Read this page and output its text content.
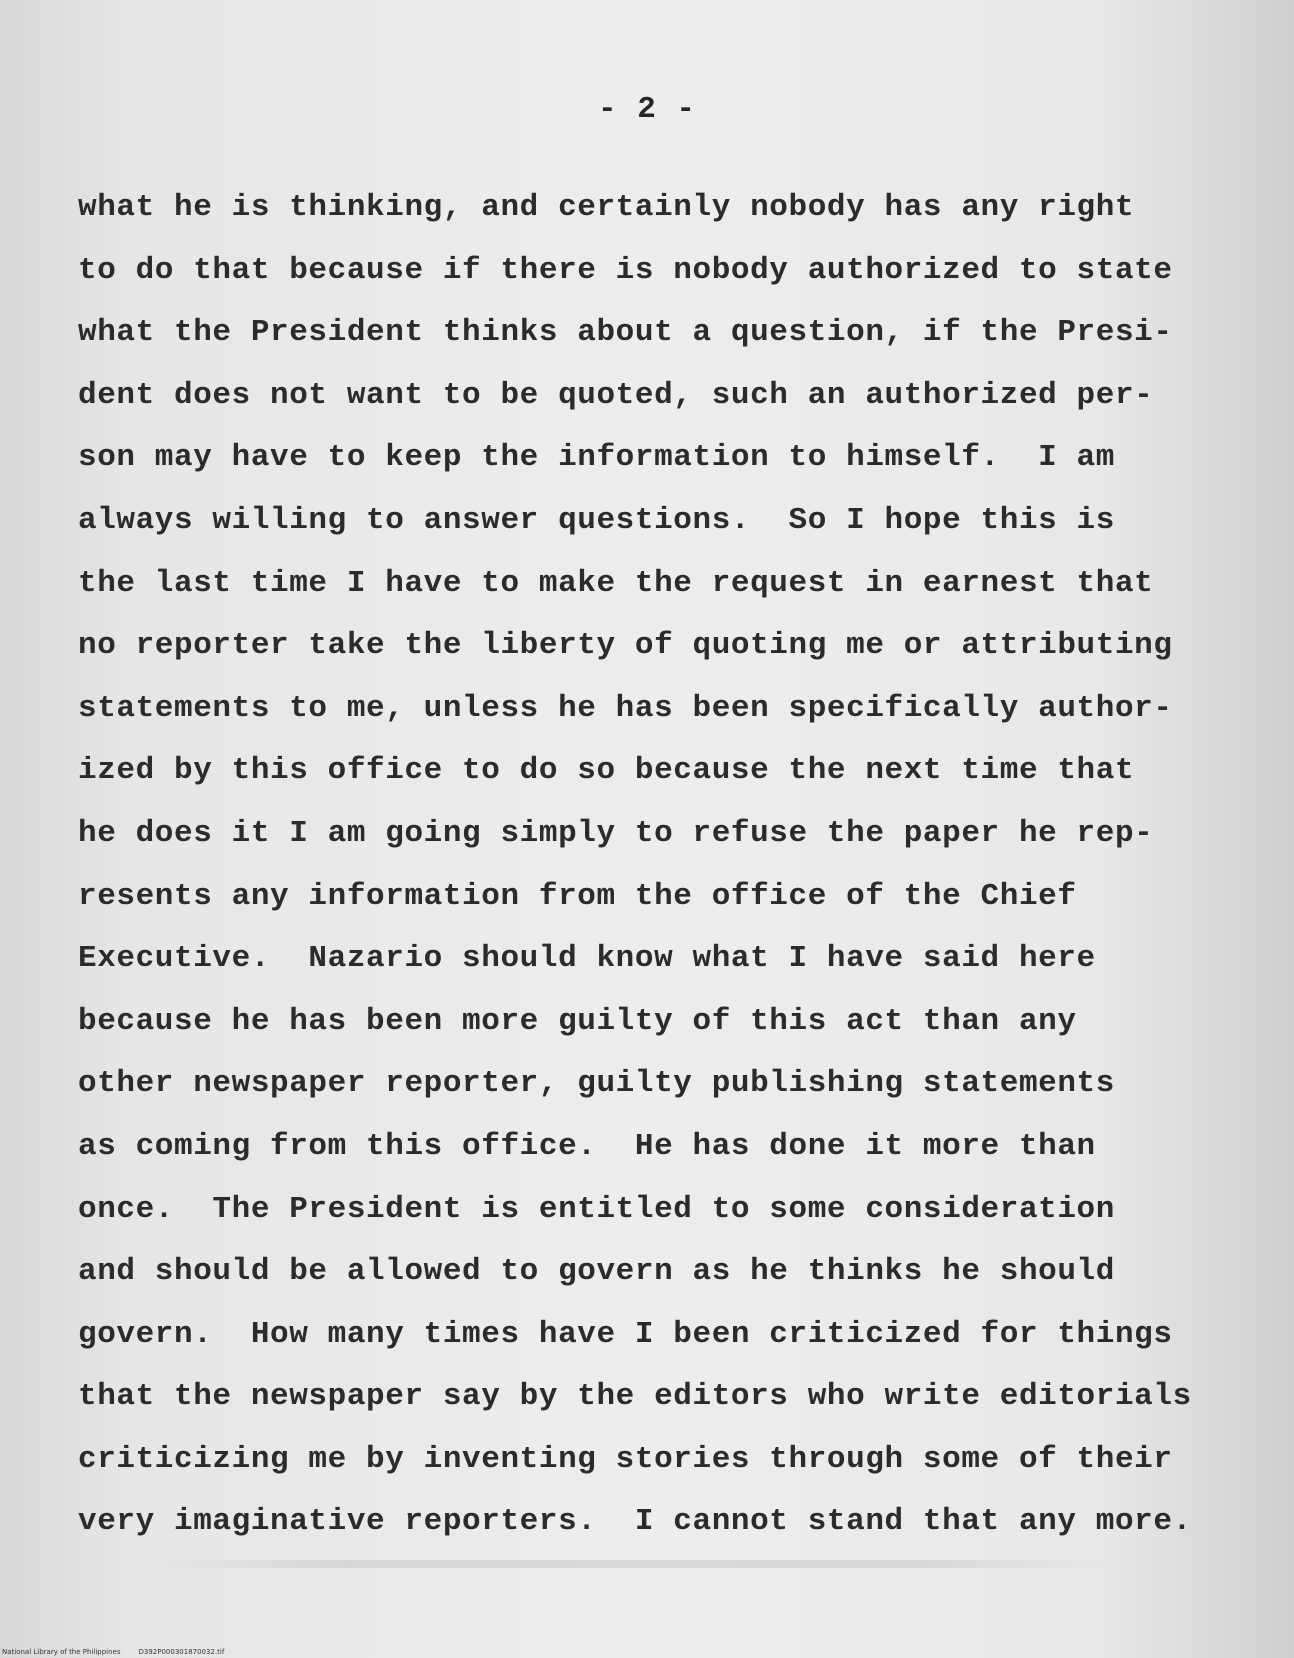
- 2 -
what he is thinking, and certainly nobody has any right
to do that because if there is nobody authorized to state
what the President thinks about a question, if the Presi-
dent does not want to be quoted, such an authorized per-
son may have to keep the information to himself.  I am
always willing to answer questions.  So I hope this is
the last time I have to make the request in earnest that
no reporter take the liberty of quoting me or attributing
statements to me, unless he has been specifically author-
ized by this office to do so because the next time that
he does it I am going simply to refuse the paper he rep-
resents any information from the office of the Chief
Executive.  Nazario should know what I have said here
because he has been more guilty of this act than any
other newspaper reporter, guilty publishing statements
as coming from this office.  He has done it more than
once.  The President is entitled to some consideration
and should be allowed to govern as he thinks he should
govern.  How many times have I been criticized for things
that the newspaper say by the editors who write editorials
criticizing me by inventing stories through some of their
very imaginative reporters.  I cannot stand that any more.
National Library of the Philippines	D392P000301870032.tif
